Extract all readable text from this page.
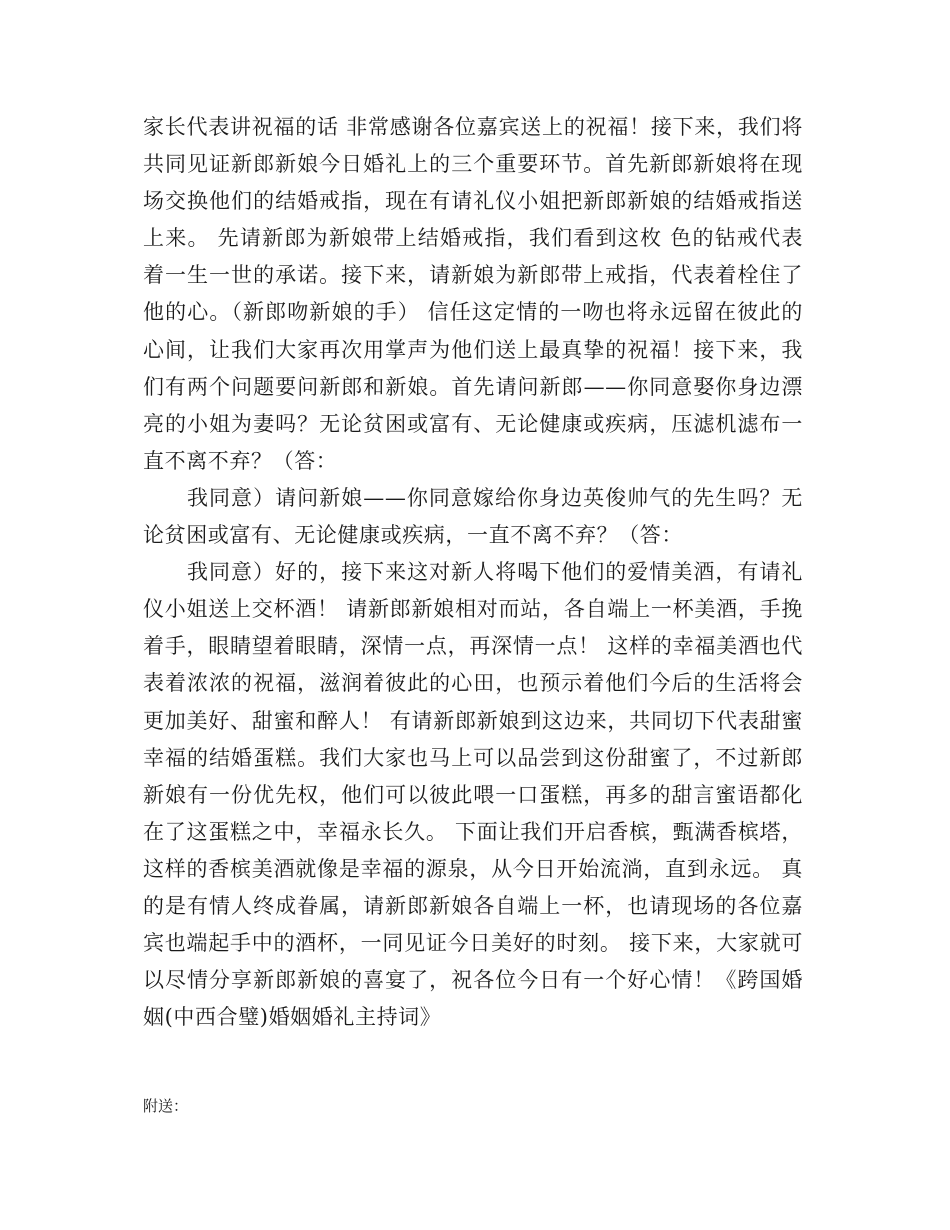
家长代表讲祝福的话 非常感谢各位嘉宾送上的祝福！接下来，我们将共同见证新郎新娘今日婚礼上的三个重要环节。首先新郎新娘将在现场交换他们的结婚戒指，现在有请礼仪小姐把新郎新娘的结婚戒指送上来。 先请新郎为新娘带上结婚戒指，我们看到这枚 色的钻戒代表着一生一世的承诺。接下来，请新娘为新郎带上戒指，代表着栓住了他的心。（新郎吻新娘的手） 信任这定情的一吻也将永远留在彼此的心间，让我们大家再次用掌声为他们送上最真挚的祝福！接下来，我们有两个问题要问新郎和新娘。首先请问新郎——你同意娶你身边漂亮的小姐为妻吗？无论贫困或富有、无论健康或疾病，压滤机滤布一直不离不弃？（答：

我同意）请问新娘——你同意嫁给你身边英俊帅气的先生吗？无论贫困或富有、无论健康或疾病，一直不离不弃？（答：

我同意）好的，接下来这对新人将喝下他们的爱情美酒，有请礼仪小姐送上交杯酒！ 请新郎新娘相对而站，各自端上一杯美酒，手挽着手，眼睛望着眼睛，深情一点，再深情一点！ 这样的幸福美酒也代表着浓浓的祝福，滋润着彼此的心田，也预示着他们今后的生活将会更加美好、甜蜜和醉人！ 有请新郎新娘到这边来，共同切下代表甜蜜幸福的结婚蛋糕。我们大家也马上可以品尝到这份甜蜜了，不过新郎新娘有一份优先权，他们可以彼此喂一口蛋糕，再多的甜言蜜语都化在了这蛋糕之中，幸福永长久。 下面让我们开启香槟，甄满香槟塔，这样的香槟美酒就像是幸福的源泉，从今日开始流淌，直到永远。 真的是有情人终成眷属，请新郎新娘各自端上一杯，也请现场的各位嘉宾也端起手中的酒杯，一同见证今日美好的时刻。 接下来，大家就可以尽情分享新郎新娘的喜宴了，祝各位今日有一个好心情！《跨国婚姻(中西合璧)婚姻婚礼主持词》

附送：
